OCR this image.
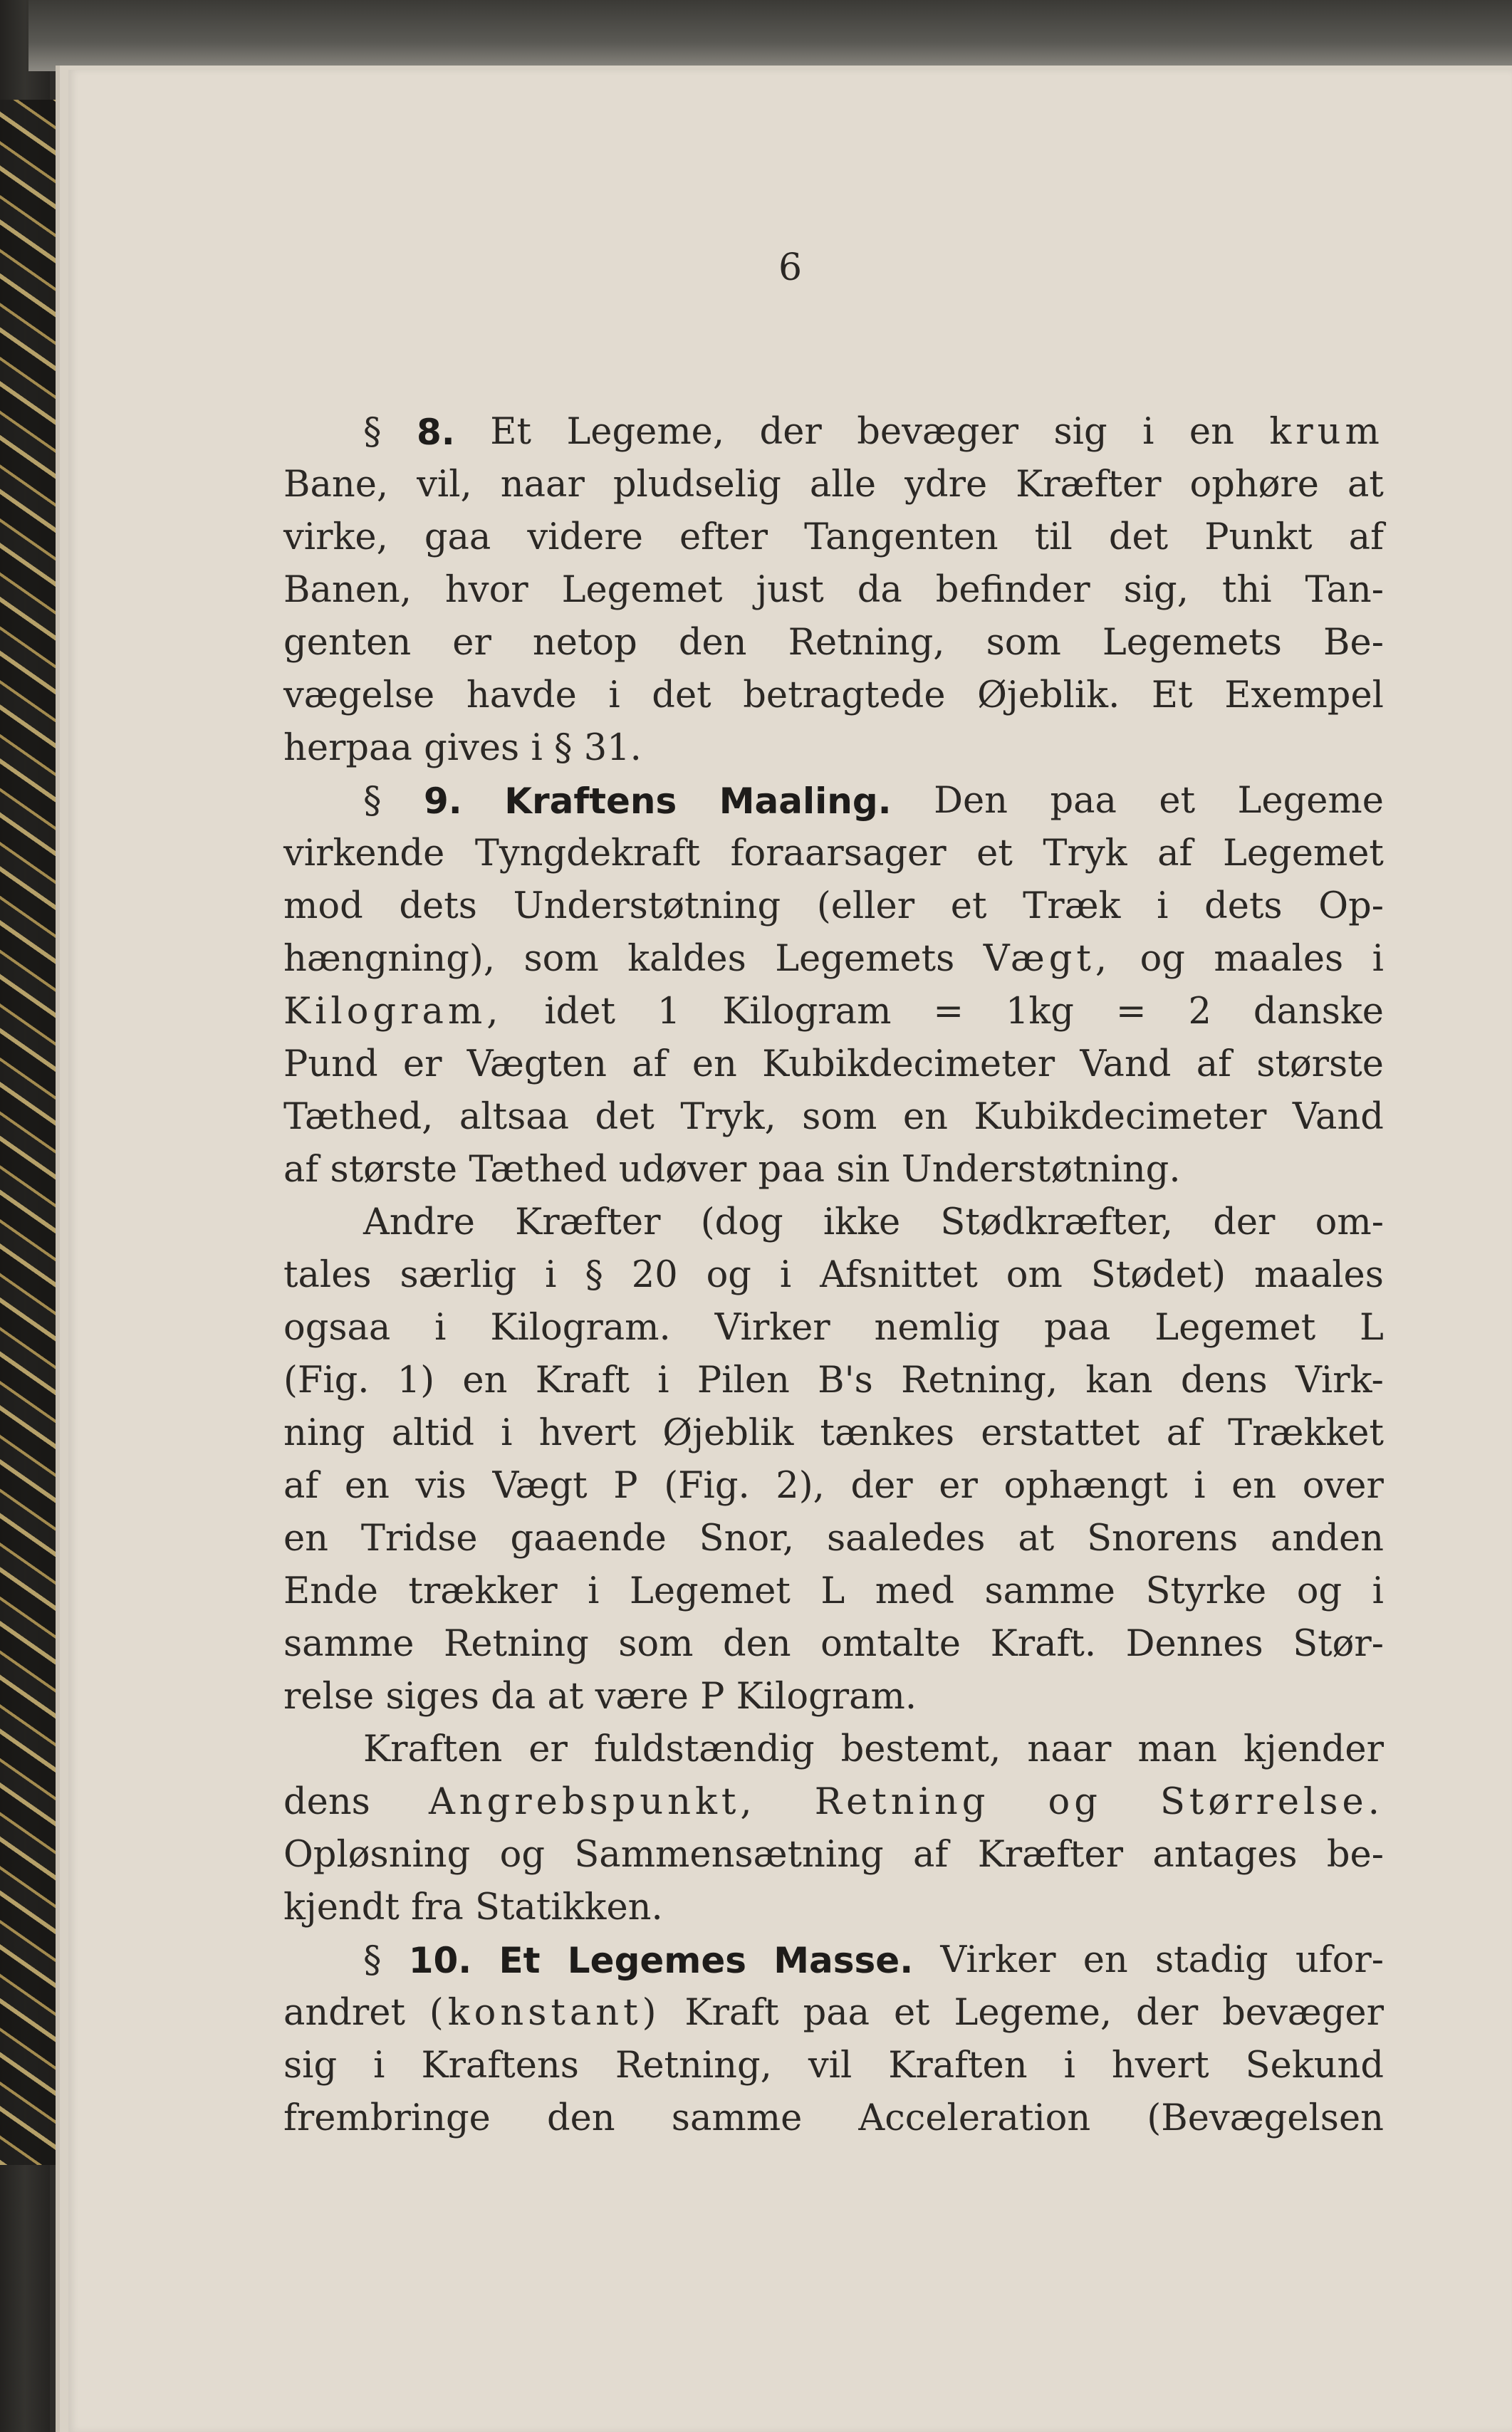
6
§ 8. Et Legeme, der bevæger sig i en krum
Bane, vil, naar pludselig alle ydre Kræfter ophøre at
virke, gaa videre efter Tangenten til det Punkt af
Banen, hvor Legemet just da befinder sig, thi Tan-
genten er netop den Retning, som Legemets Be-
vægelse havde i det betragtede Øjeblik. Et Exempel
herpaa
gives
i
§
31.
§ 9. Kraftens Maaling. Den paa et Legeme
virkende Tyngdekraft foraarsager et Tryk af Legemet
mod dets Understøtning (eller et Træk i dets Op-
hængning), som kaldes Legemets Vægt, og maales i
Kilogram, idet 1 Kilogram = 1kg = 2 danske
Pund er Vægten af en Kubikdecimeter Vand af største
Tæthed, altsaa det Tryk, som en Kubikdecimeter Vand
af
største
Tæthed
udøver
paa
sin
Understøtning.
Andre Kræfter (dog ikke Stødkræfter, der om-
tales særlig i § 20 og i Afsnittet om Stødet) maales
ogsaa i Kilogram. Virker nemlig paa Legemet L
(Fig. 1) en Kraft i Pilen B's Retning, kan dens Virk-
ning altid i hvert Øjeblik tænkes erstattet af Trækket
af en vis Vægt P (Fig. 2), der er ophængt i en over
en Tridse gaaende Snor, saaledes at Snorens anden
Ende trækker i Legemet L med samme Styrke og i
samme Retning som den omtalte Kraft. Dennes Stør-
relse
siges
da
at
være
P
Kilogram.
Kraften er fuldstændig bestemt, naar man kjender
dens Angrebspunkt, Retning og Størrelse.
Opløsning og Sammensætning af Kræfter antages be-
kjendt
fra
Statikken.
§ 10. Et Legemes Masse. Virker en stadig ufor-
andret (konstant) Kraft paa et Legeme, der bevæger
sig i Kraftens Retning, vil Kraften i hvert Sekund
frembringe den samme Acceleration (Bevægelsen
